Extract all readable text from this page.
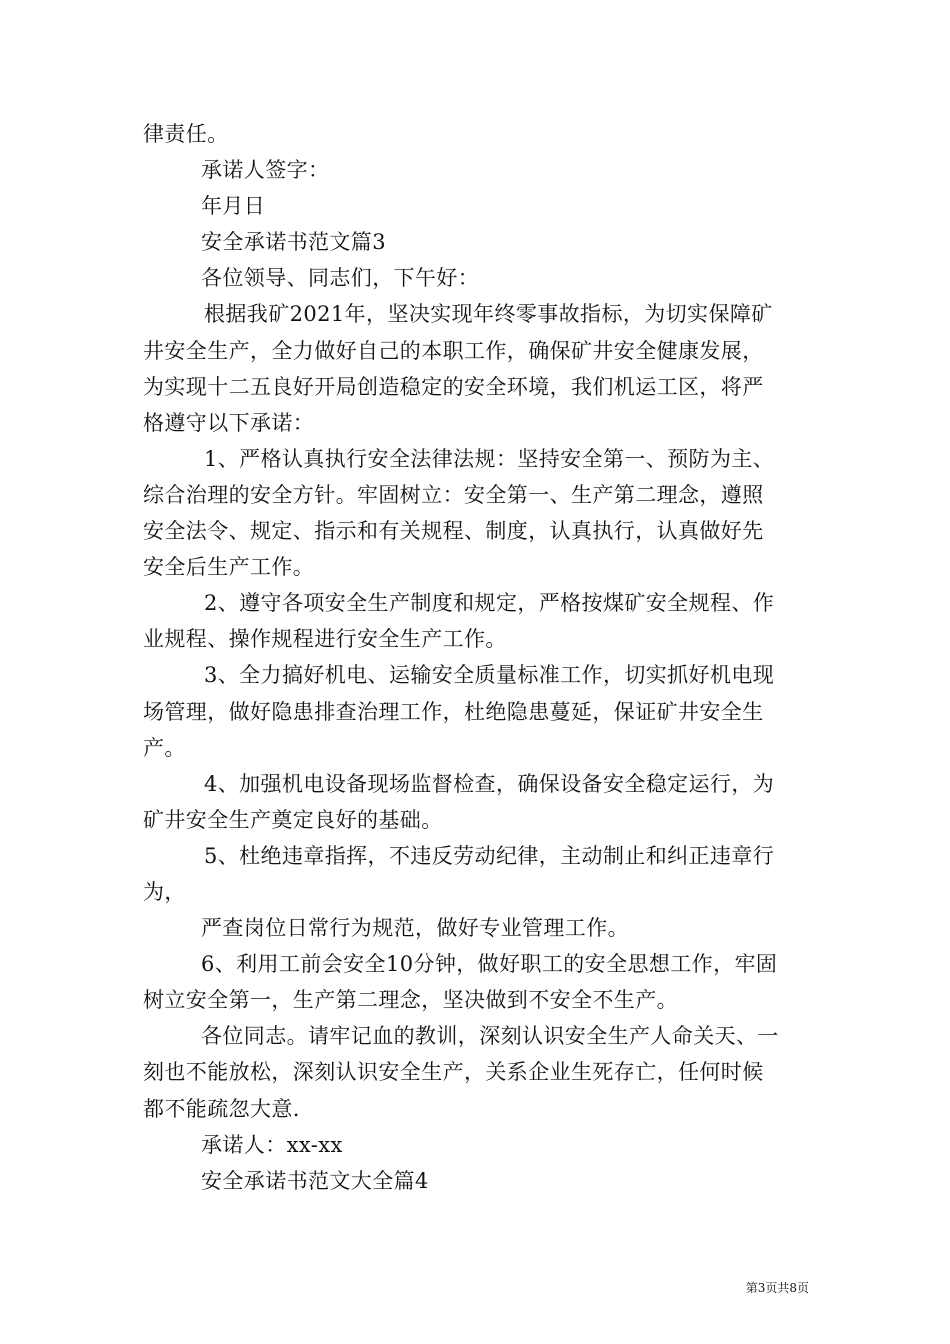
律责任。
承诺人签字：
年月日
安全承诺书范文篇3
各位领导、同志们，下午好：
根据我矿2021年，坚决实现年终零事故指标，为切实保障矿
井安全生产，全力做好自己的本职工作，确保矿井安全健康发展，
为实现十二五良好开局创造稳定的安全环境，我们机运工区，将严
格遵守以下承诺：
1、严格认真执行安全法律法规：坚持安全第一、预防为主、
综合治理的安全方针。牢固树立：安全第一、生产第二理念，遵照
安全法令、规定、指示和有关规程、制度，认真执行，认真做好先
安全后生产工作。
2、遵守各项安全生产制度和规定，严格按煤矿安全规程、作
业规程、操作规程进行安全生产工作。
3、全力搞好机电、运输安全质量标准工作，切实抓好机电现
场管理，做好隐患排查治理工作，杜绝隐患蔓延，保证矿井安全生
产。
4、加强机电设备现场监督检查，确保设备安全稳定运行，为
矿井安全生产奠定良好的基础。
5、杜绝违章指挥，不违反劳动纪律，主动制止和纠正违章行
为，
严查岗位日常行为规范，做好专业管理工作。
6、利用工前会安全10分钟，做好职工的安全思想工作，牢固
树立安全第一，生产第二理念，坚决做到不安全不生产。
各位同志。请牢记血的教训，深刻认识安全生产人命关天、一
刻也不能放松，深刻认识安全生产，关系企业生死存亡，任何时候
都不能疏忽大意.
承诺人：xx-xx
安全承诺书范文大全篇4
第3页共8页
